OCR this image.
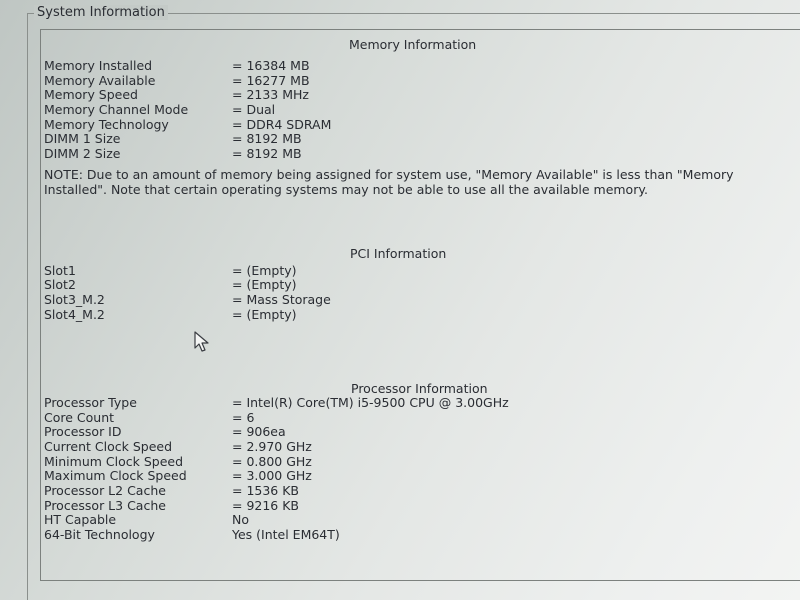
System Information
Memory Information
Memory Installed	= 16384 MB
Memory Available	= 16277 MB
Memory Speed	= 2133 MHz
Memory Channel Mode	= Dual
Memory Technology	= DDR4 SDRAM
DIMM 1 Size	= 8192 MB
DIMM 2 Size	= 8192 MB
NOTE: Due to an amount of memory being assigned for system use, "Memory Available" is less than "Memory Installed". Note that certain operating systems may not be able to use all the available memory.
PCI Information
Slot1	= (Empty)
Slot2	= (Empty)
Slot3_M.2	= Mass Storage
Slot4_M.2	= (Empty)
Processor Information
Processor Type	= Intel(R) Core(TM) i5-9500 CPU @ 3.00GHz
Core Count	= 6
Processor ID	= 906ea
Current Clock Speed	= 2.970 GHz
Minimum Clock Speed	= 0.800 GHz
Maximum Clock Speed	= 3.000 GHz
Processor L2 Cache	= 1536 KB
Processor L3 Cache	= 9216 KB
HT Capable	No
64-Bit Technology	Yes (Intel EM64T)
